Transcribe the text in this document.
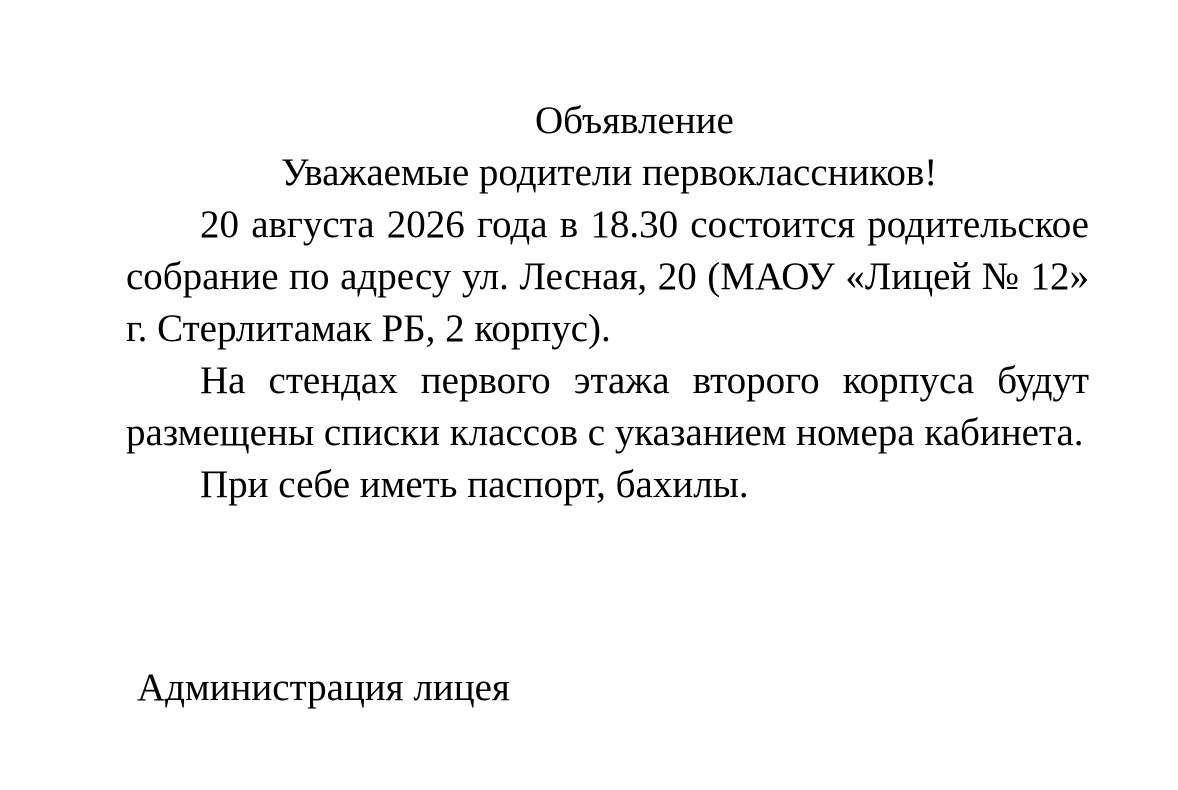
Объявление

Уважаемые родители первоклассников!

20 августа 2026 года в 18.30 состоится родительское собрание по адресу ул. Лесная, 20 (МАОУ «Лицей № 12» г. Стерлитамак РБ, 2 корпус).

На стендах первого этажа второго корпуса будут размещены списки классов с указанием номера кабинета.

При себе иметь паспорт, бахилы.

Администрация лицея
